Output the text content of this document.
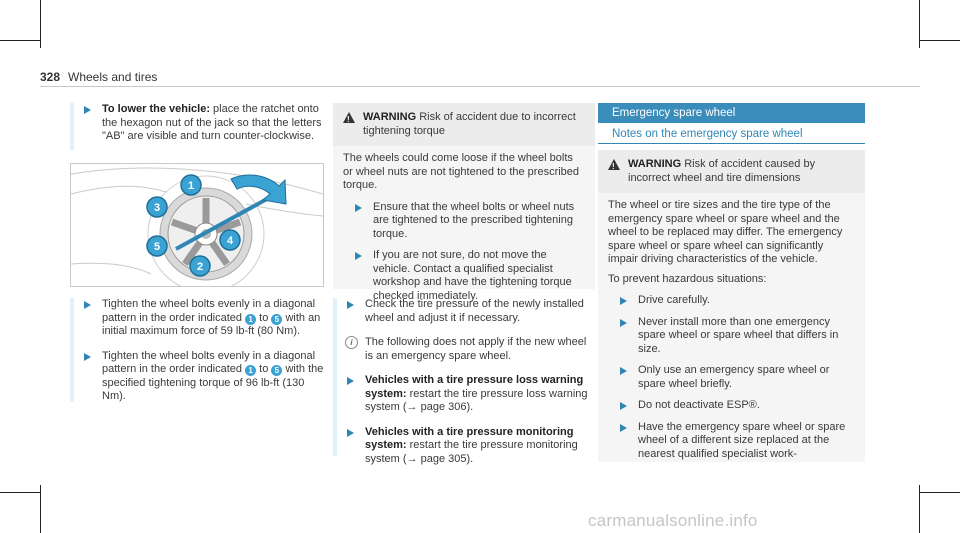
328 Wheels and tires
To lower the vehicle: place the ratchet onto the hexagon nut of the jack so that the letters "AB" are visible and turn counter-clockwise.
1
2
3
4
5
Tighten the wheel bolts evenly in a diagonal pattern in the order indicated 1 to 5 with an initial maximum force of 59 lb-ft (80 Nm).
Tighten the wheel bolts evenly in a diagonal pattern in the order indicated 1 to 5 with the specified tightening torque of 96 lb-ft (130 Nm).
!
WARNING Risk of accident due to incorrect tightening torque
The wheels could come loose if the wheel bolts or wheel nuts are not tightened to the prescribed torque.
Ensure that the wheel bolts or wheel nuts are tightened to the prescribed tightening torque.
If you are not sure, do not move the vehicle. Contact a qualified specialist workshop and have the tightening torque checked immediately.
Check the tire pressure of the newly installed wheel and adjust it if necessary.
i	The following does not apply if the new wheel is an emergency spare wheel.
Vehicles with a tire pressure loss warning system: restart the tire pressure loss warning system (→ page 306).
Vehicles with a tire pressure monitoring system: restart the tire pressure monitoring system (→ page 305).
Emergency spare wheel
Notes on the emergency spare wheel
!
WARNING Risk of accident caused by incorrect wheel and tire dimensions
The wheel or tire sizes and the tire type of the emergency spare wheel or spare wheel and the wheel to be replaced may differ. The emergency spare wheel or spare wheel can significantly impair driving characteristics of the vehicle.
To prevent hazardous situations:
Drive carefully.
Never install more than one emergency spare wheel or spare wheel that differs in size.
Only use an emergency spare wheel or spare wheel briefly.
Do not deactivate ESP®.
Have the emergency spare wheel or spare wheel of a different size replaced at the nearest qualified specialist work-
carmanualsonline.info
